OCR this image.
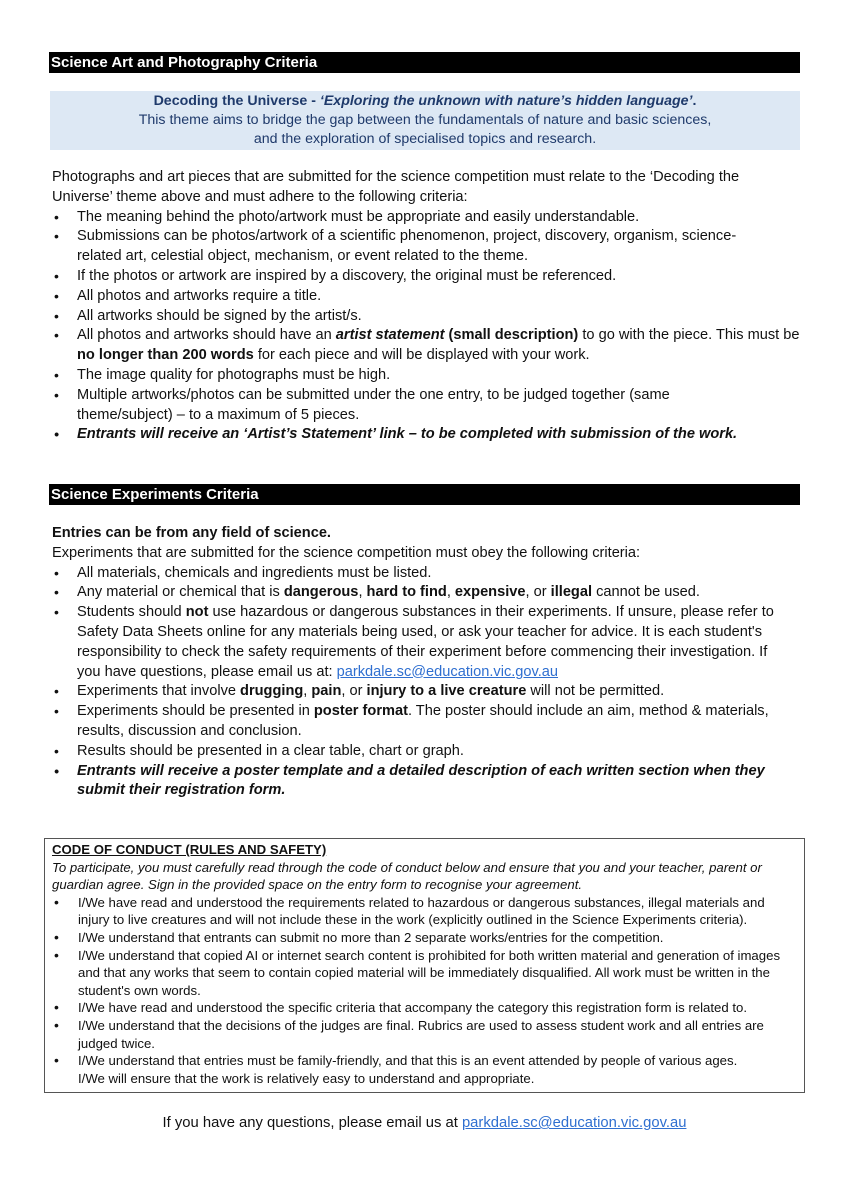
Science Art and Photography Criteria
Decoding the Universe - ‘Exploring the unknown with nature’s hidden language’.
This theme aims to bridge the gap between the fundamentals of nature and basic sciences,
and the exploration of specialised topics and research.

Photographs and art pieces that are submitted for the science competition must relate to the ‘Decoding the Universe’ theme above and must adhere to the following criteria:

• The meaning behind the photo/artwork must be appropriate and easily understandable.
• Submissions can be photos/artwork of a scientific phenomenon, project, discovery, organism, science-related art, celestial object, mechanism, or event related to the theme.
• If the photos or artwork are inspired by a discovery, the original must be referenced.
• All photos and artworks require a title.
• All artworks should be signed by the artist/s.
• All photos and artworks should have an artist statement (small description) to go with the piece. This must be no longer than 200 words for each piece and will be displayed with your work.
• The image quality for photographs must be high.
• Multiple artworks/photos can be submitted under the one entry, to be judged together (same theme/subject) – to a maximum of 5 pieces.
• Entrants will receive an ‘Artist’s Statement’ link – to be completed with submission of the work.
Science Experiments Criteria

Entries can be from any field of science.

Experiments that are submitted for the science competition must obey the following criteria:

• All materials, chemicals and ingredients must be listed.
• Any material or chemical that is dangerous, hard to find, expensive, or illegal cannot be used.
• Students should not use hazardous or dangerous substances in their experiments. If unsure, please refer to Safety Data Sheets online for any materials being used, or ask your teacher for advice. It is each student's responsibility to check the safety requirements of their experiment before commencing their investigation. If you have questions, please email us at: parkdale.sc@education.vic.gov.au
• Experiments that involve drugging, pain, or injury to a live creature will not be permitted.
• Experiments should be presented in poster format. The poster should include an aim, method & materials, results, discussion and conclusion.
• Results should be presented in a clear table, chart or graph.
• Entrants will receive a poster template and a detailed description of each written section when they submit their registration form.
CODE OF CONDUCT (RULES AND SAFETY)
To participate, you must carefully read through the code of conduct below and ensure that you and your teacher, parent or guardian agree. Sign in the provided space on the entry form to recognise your agreement.
• I/We have read and understood the requirements related to hazardous or dangerous substances, illegal materials and injury to live creatures and will not include these in the work (explicitly outlined in the Science Experiments criteria).
• I/We understand that entrants can submit no more than 2 separate works/entries for the competition.
• I/We understand that copied AI or internet search content is prohibited for both written material and generation of images and that any works that seem to contain copied material will be immediately disqualified. All work must be written in the student's own words.
• I/We have read and understood the specific criteria that accompany the category this registration form is related to.
• I/We understand that the decisions of the judges are final. Rubrics are used to assess student work and all entries are judged twice.
• I/We understand that entries must be family-friendly, and that this is an event attended by people of various ages.
I/We will ensure that the work is relatively easy to understand and appropriate.
If you have any questions, please email us at parkdale.sc@education.vic.gov.au
